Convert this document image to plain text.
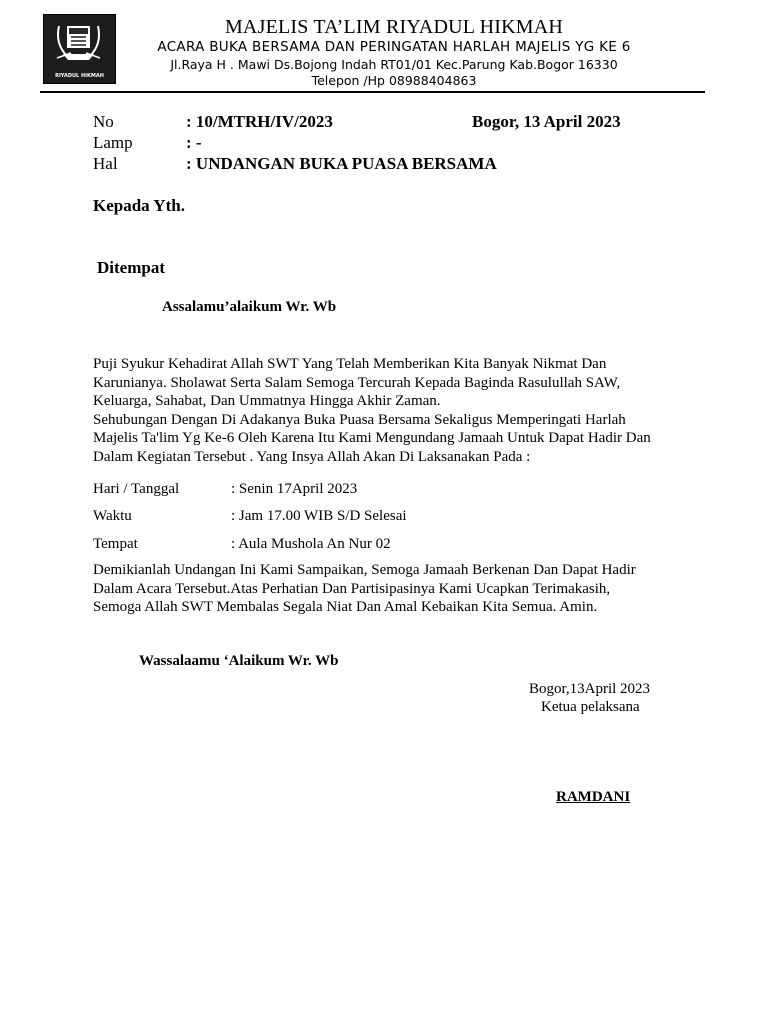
RIYADUL HIKMAH
MAJELIS TA’LIM RIYADUL HIKMAH
ACARA BUKA BERSAMA DAN PERINGATAN HARLAH MAJELIS YG KE 6
Jl.Raya H . Mawi Ds.Bojong Indah RT01/01 Kec.Parung Kab.Bogor 16330
Telepon /Hp 08988404863
No	: 10/MTRH/IV/2023	Bogor, 13 April 2023
Lamp	: -
Hal	: UNDANGAN BUKA PUASA BERSAMA
Kepada Yth.
Ditempat
Assalamu’alaikum Wr. Wb
Puji Syukur Kehadirat Allah SWT Yang Telah Memberikan Kita Banyak Nikmat Dan
Karunianya. Sholawat Serta Salam Semoga Tercurah Kepada Baginda Rasulullah SAW,
Keluarga, Sahabat, Dan Ummatnya Hingga Akhir Zaman.
Sehubungan Dengan Di Adakanya Buka Puasa Bersama Sekaligus Memperingati Harlah
Majelis Ta'lim Yg Ke-6 Oleh Karena Itu Kami Mengundang Jamaah Untuk Dapat Hadir Dan
Dalam Kegiatan Tersebut . Yang Insya Allah Akan Di Laksanakan Pada :
Hari / Tanggal	: Senin 17April 2023
Waktu	: Jam 17.00 WIB S/D Selesai
Tempat	: Aula Mushola An Nur 02
Demikianlah Undangan Ini Kami Sampaikan, Semoga Jamaah Berkenan Dan Dapat Hadir
Dalam Acara Tersebut.Atas Perhatian Dan Partisipasinya Kami Ucapkan Terimakasih,
Semoga Allah SWT Membalas Segala Niat Dan Amal Kebaikan Kita Semua. Amin.
Wassalaamu ‘Alaikum Wr. Wb
Bogor,13April 2023
Ketua pelaksana
RAMDANI
